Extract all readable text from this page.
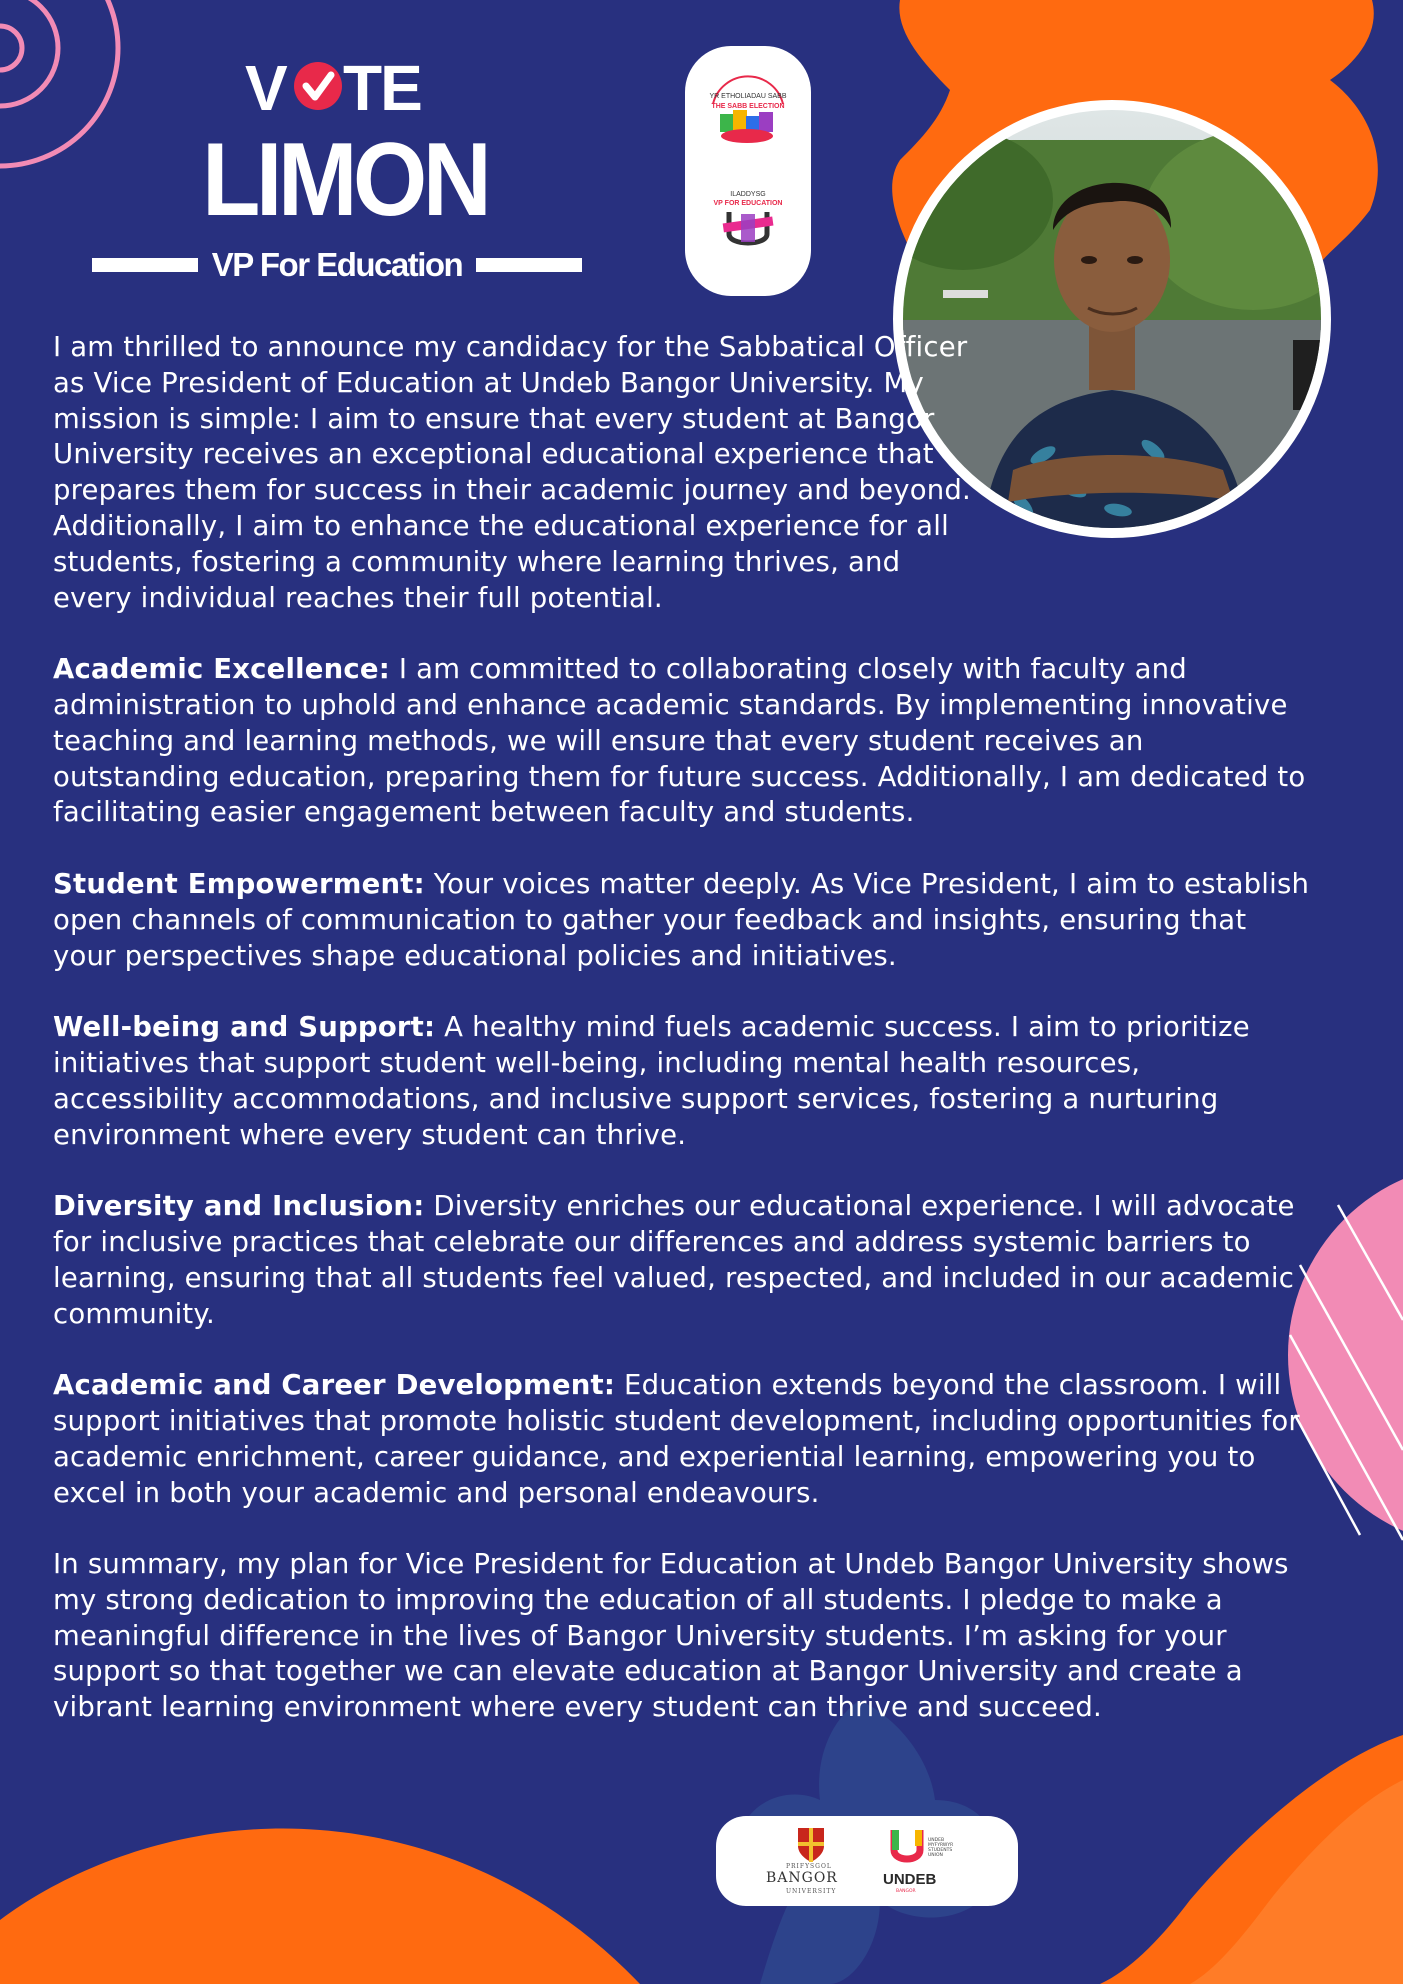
V TE
LIMON
VP For Education
YR ETHOLIADAU SABB
THE SABB ELECTION
ILADDYSG
VP FOR EDUCATION

I am thrilled to announce my candidacy for the Sabbatical Officer as Vice President of Education at Undeb Bangor University. My mission is simple: I aim to ensure that every student at Bangor University receives an exceptional educational experience that prepares them for success in their academic journey and beyond. Additionally, I aim to enhance the educational experience for all students, fostering a community where learning thrives, and every individual reaches their full potential.

Academic Excellence: I am committed to collaborating closely with faculty and administration to uphold and enhance academic standards. By implementing innovative teaching and learning methods, we will ensure that every student receives an outstanding education, preparing them for future success. Additionally, I am dedicated to facilitating easier engagement between faculty and students.

Student Empowerment: Your voices matter deeply. As Vice President, I aim to establish open channels of communication to gather your feedback and insights, ensuring that your perspectives shape educational policies and initiatives.

Well-being and Support: A healthy mind fuels academic success. I aim to prioritize initiatives that support student well-being, including mental health resources, accessibility accommodations, and inclusive support services, fostering a nurturing environment where every student can thrive.

Diversity and Inclusion: Diversity enriches our educational experience. I will advocate for inclusive practices that celebrate our differences and address systemic barriers to learning, ensuring that all students feel valued, respected, and included in our academic community.

Academic and Career Development: Education extends beyond the classroom. I will support initiatives that promote holistic student development, including opportunities for academic enrichment, career guidance, and experiential learning, empowering you to excel in both your academic and personal endeavours.

In summary, my plan for Vice President for Education at Undeb Bangor University shows my strong dedication to improving the education of all students. I pledge to make a meaningful difference in the lives of Bangor University students. I’m asking for your support so that together we can elevate education at Bangor University and create a vibrant learning environment where every student can thrive and succeed.

PRIFYSGOL
BANGOR
UNIVERSITY
UNDEB MYFYRWYR STUDENTS UNION
UNDEB
BANGOR
